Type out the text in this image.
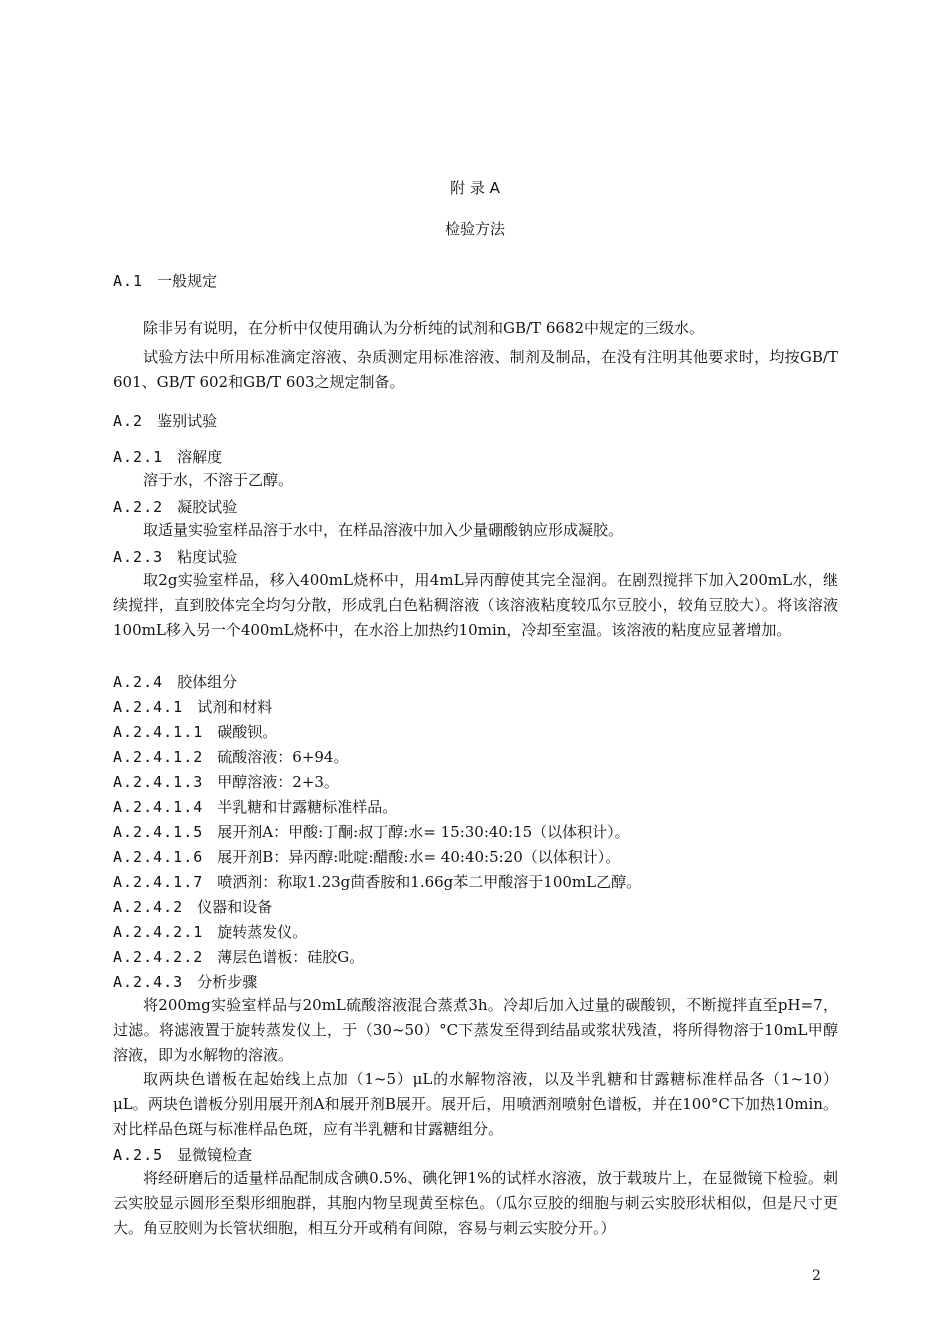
附 录 A
检验方法
A.1 一般规定
除非另有说明，在分析中仅使用确认为分析纯的试剂和GB/T 6682中规定的三级水。
试验方法中所用标准滴定溶液、杂质测定用标准溶液、制剂及制品，在没有注明其他要求时，均按GB/T 601、GB/T 602和GB/T 603之规定制备。
A.2 鉴别试验
A.2.1 溶解度
溶于水，不溶于乙醇。
A.2.2 凝胶试验
取适量实验室样品溶于水中，在样品溶液中加入少量硼酸钠应形成凝胶。
A.2.3 粘度试验
取2g实验室样品，移入400mL烧杯中，用4mL异丙醇使其完全湿润。在剧烈搅拌下加入200mL水，继续搅拌，直到胶体完全均匀分散，形成乳白色粘稠溶液（该溶液粘度较瓜尔豆胶小，较角豆胶大）。将该溶液100mL移入另一个400mL烧杯中，在水浴上加热约10min，冷却至室温。该溶液的粘度应显著增加。
A.2.4 胶体组分
A.2.4.1 试剂和材料
A.2.4.1.1 碳酸钡。
A.2.4.1.2 硫酸溶液：6+94。
A.2.4.1.3 甲醇溶液：2+3。
A.2.4.1.4 半乳糖和甘露糖标准样品。
A.2.4.1.5 展开剂A：甲酸:丁酮:叔丁醇:水= 15:30:40:15（以体积计）。
A.2.4.1.6 展开剂B：异丙醇:吡啶:醋酸:水= 40:40:5:20（以体积计）。
A.2.4.1.7 喷洒剂：称取1.23g茴香胺和1.66g苯二甲酸溶于100mL乙醇。
A.2.4.2 仪器和设备
A.2.4.2.1 旋转蒸发仪。
A.2.4.2.2 薄层色谱板：硅胶G。
A.2.4.3 分析步骤
将200mg实验室样品与20mL硫酸溶液混合蒸煮3h。冷却后加入过量的碳酸钡，不断搅拌直至pH=7，过滤。将滤液置于旋转蒸发仪上，于（30~50）°C下蒸发至得到结晶或浆状残渣，将所得物溶于10mL甲醇溶液，即为水解物的溶液。
取两块色谱板在起始线上点加（1~5）μL的水解物溶液，以及半乳糖和甘露糖标准样品各（1~10）μL。两块色谱板分别用展开剂A和展开剂B展开。展开后，用喷洒剂喷射色谱板，并在100°C下加热10min。对比样品色斑与标准样品色斑，应有半乳糖和甘露糖组分。
A.2.5 显微镜检查
将经研磨后的适量样品配制成含碘0.5%、碘化钾1%的试样水溶液，放于载玻片上，在显微镜下检验。刺云实胶显示圆形至梨形细胞群，其胞内物呈现黄至棕色。（瓜尔豆胶的细胞与刺云实胶形状相似，但是尺寸更大。角豆胶则为长管状细胞，相互分开或稍有间隙，容易与刺云实胶分开。）
2
